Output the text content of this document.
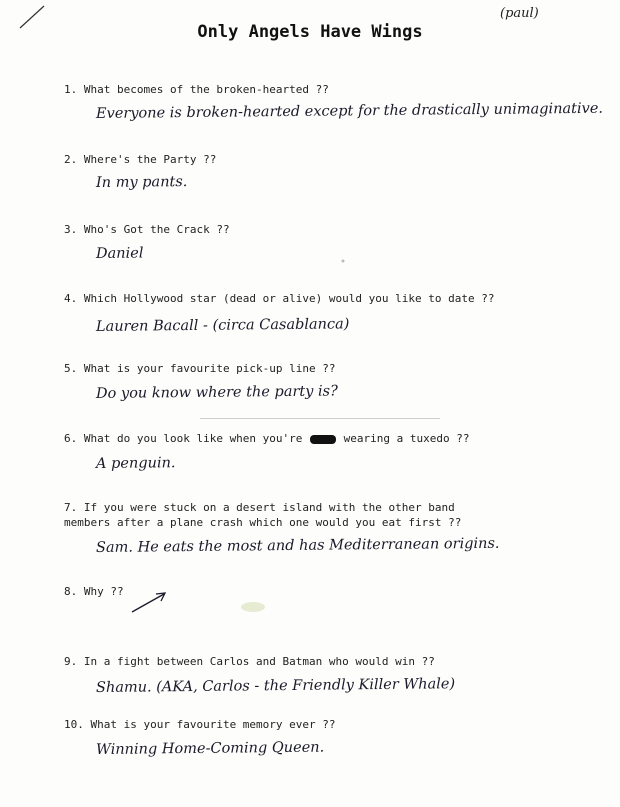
Only Angels Have Wings
(paul)
1. What becomes of the broken-hearted ??
Everyone is broken-hearted except for the drastically unimaginative.
2. Where's the Party ??
In my pants.
3. Who's Got the Crack ??
Daniel
4. Which Hollywood star (dead or alive) would you like to date ??
Lauren Bacall - (circa Casablanca)
5. What is your favourite pick-up line ??
Do you know where the party is?
6. What do you look like when you're	wearing a tuxedo ??
A penguin.
7. If you were stuck on a desert island with the other band
members after a plane crash which one would you eat first ??
Sam. He eats the most and has Mediterranean origins.
8. Why ??
9. In a fight between Carlos and Batman who would win ??
Shamu. (AKA, Carlos - the Friendly Killer Whale)
10. What is your favourite memory ever ??
Winning Home-Coming Queen.
